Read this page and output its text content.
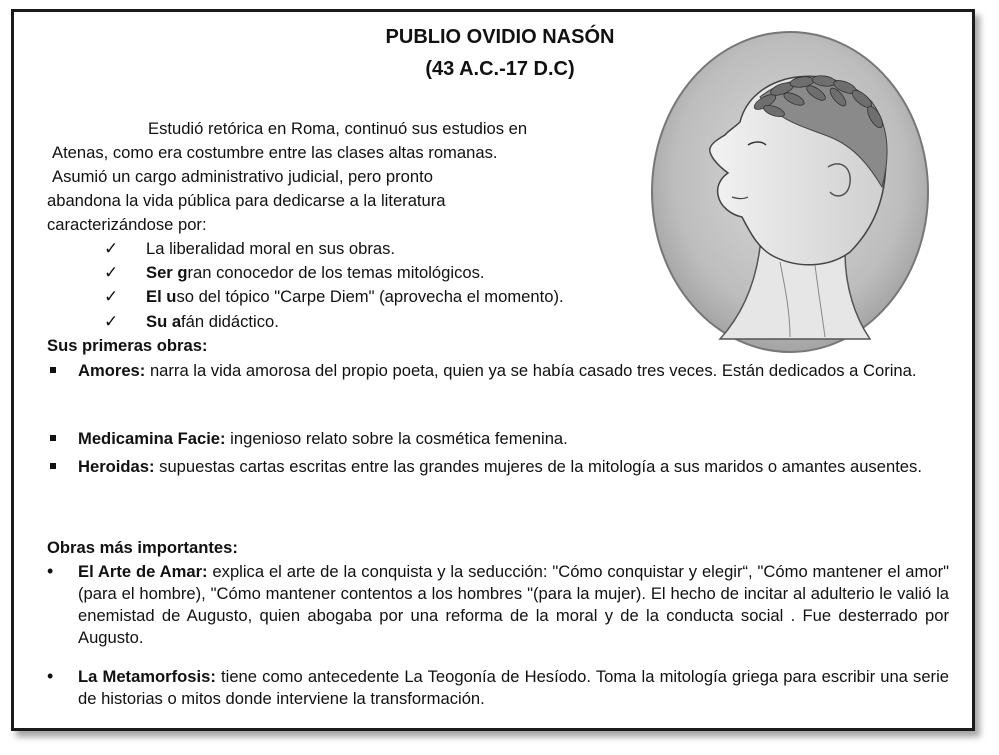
PUBLIO OVIDIO NASÓN
(43 A.C.-17 D.C)
Estudió retórica en Roma, continuó sus estudios en
Atenas, como era costumbre entre las clases altas romanas.
Asumió un cargo administrativo judicial, pero pronto
abandona la vida pública para dedicarse a la literatura
caracterizándose por:
✓ La liberalidad moral en sus obras.
✓ Ser gran conocedor de los temas mitológicos.
✓ El uso del tópico "Carpe Diem" (aprovecha el momento).
✓ Su afán didáctico.
Sus primeras obras:
Amores: narra la vida amorosa del propio poeta, quien ya se había casado tres veces. Están dedicados a Corina.
Medicamina Facie: ingenioso relato sobre la cosmética femenina.
Heroidas: supuestas cartas escritas entre las grandes mujeres de la mitología a sus maridos o amantes ausentes.
Obras más importantes:
• El Arte de Amar: explica el arte de la conquista y la seducción: "Cómo conquistar y elegir“, "Cómo mantener el amor" (para el hombre), "Cómo mantener contentos a los hombres "(para la mujer). El hecho de incitar al adulterio le valió la enemistad de Augusto, quien abogaba por una reforma de la moral y de la conducta social . Fue desterrado por Augusto.
• La Metamorfosis: tiene como antecedente La Teogonía de Hesíodo. Toma la mitología griega para escribir una serie de historias o mitos donde interviene la transformación.
